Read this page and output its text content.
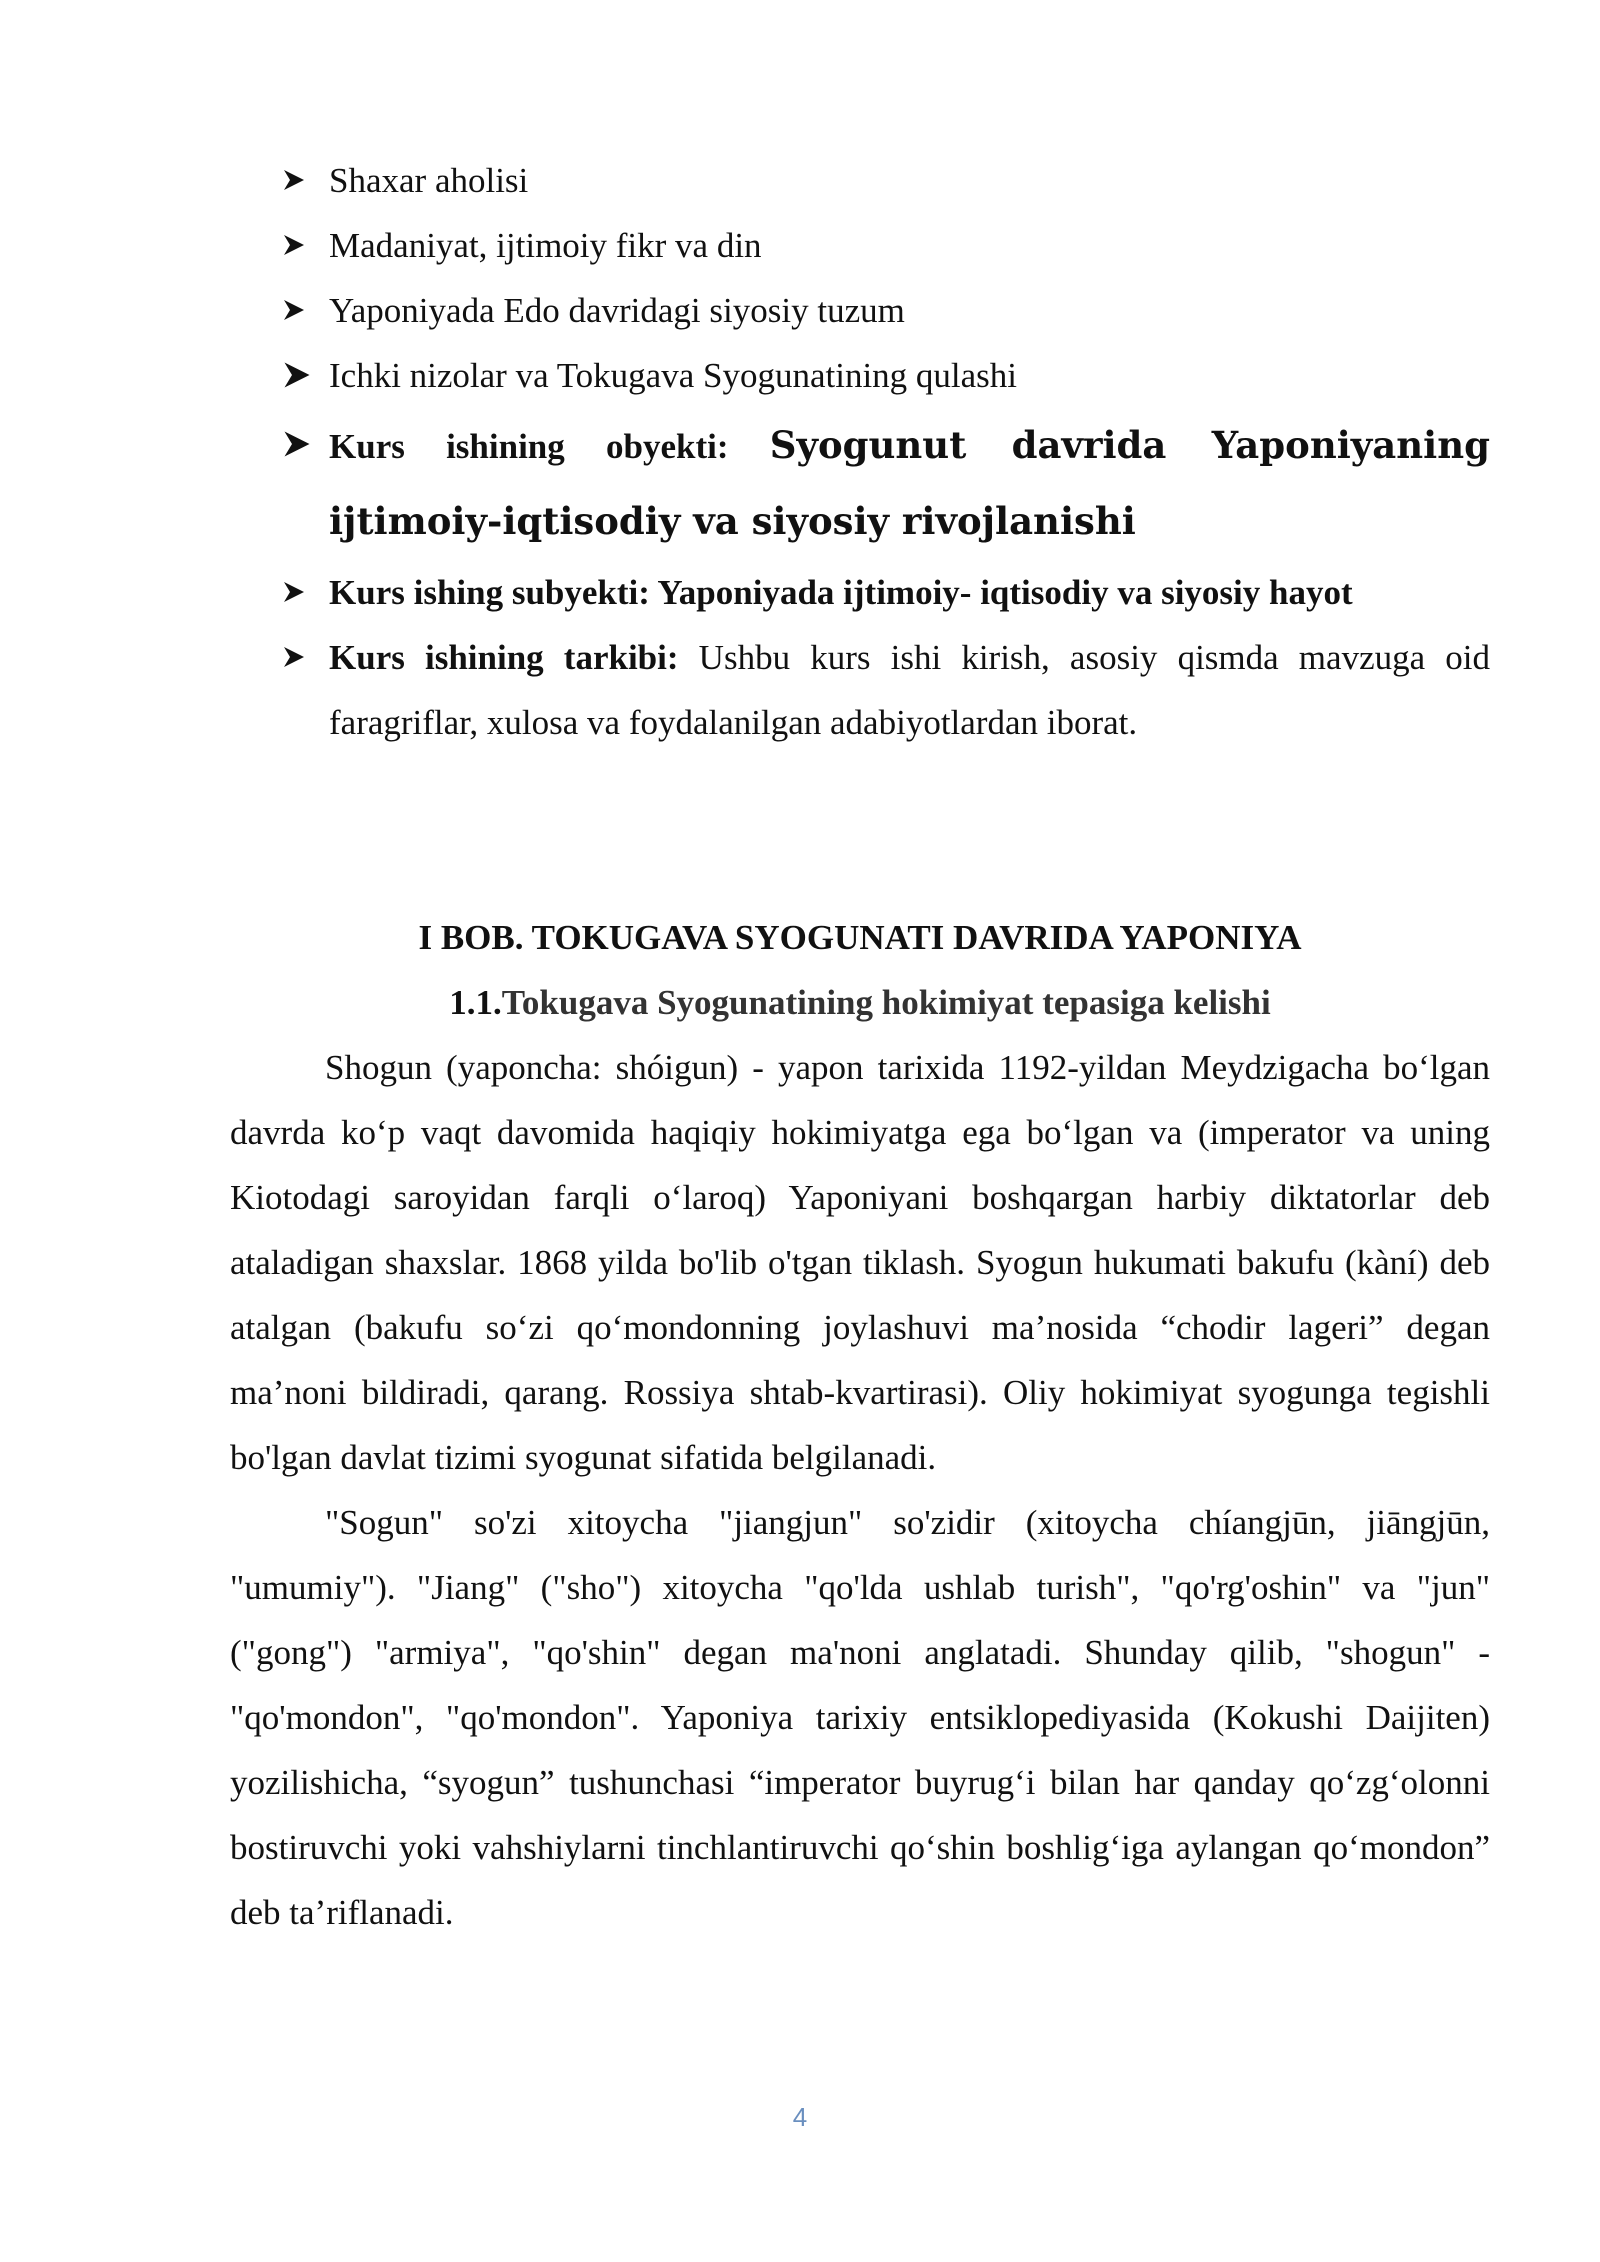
Shaxar aholisi
Madaniyat, ijtimoiy fikr va din
Yaponiyada Edo davridagi siyosiy tuzum
Ichki nizolar va Tokugava Syogunatining qulashi
Kurs ishining obyekti: Syogunut davrida Yaponiyaning ijtimoiy-iqtisodiy va siyosiy rivojlanishi
Kurs ishing subyekti: Yaponiyada ijtimoiy- iqtisodiy va siyosiy hayot
Kurs ishining tarkibi: Ushbu kurs ishi kirish, asosiy qismda mavzuga oid faragriflar, xulosa va foydalanilgan adabiyotlardan iborat.
I BOB. TOKUGAVA SYOGUNATI DAVRIDA YAPONIYA
1.1.Tokugava Syogunatining hokimiyat tepasiga kelishi

Shogun (yaponcha: shóigun) - yapon tarixida 1192-yildan Meydzigacha boʻlgan davrda koʻp vaqt davomida haqiqiy hokimiyatga ega boʻlgan va (imperator va uning Kiotodagi saroyidan farqli oʻlaroq) Yaponiyani boshqargan harbiy diktatorlar deb ataladigan shaxslar. 1868 yilda bo'lib o'tgan tiklash. Syogun hukumati bakufu (kàní) deb atalgan (bakufu soʻzi qoʻmondonning joylashuvi ma’nosida “chodir lageri” degan ma’noni bildiradi, qarang. Rossiya shtab-kvartirasi). Oliy hokimiyat syogunga tegishli bo'lgan davlat tizimi syogunat sifatida belgilanadi.

"Sogun" so'zi xitoycha "jiangjun" so'zidir (xitoycha chíangjūn, jiāngjūn, "umumiy"). "Jiang" ("sho") xitoycha "qo'lda ushlab turish", "qo'rg'oshin" va "jun" ("gong") "armiya", "qo'shin" degan ma'noni anglatadi. Shunday qilib, "shogun" - "qo'mondon", "qo'mondon". Yaponiya tarixiy entsiklopediyasida (Kokushi Daijiten) yozilishicha, “syogun” tushunchasi “imperator buyrugʻi bilan har qanday qoʻzgʻolonni bostiruvchi yoki vahshiylarni tinchlantiruvchi qoʻshin boshligʻiga aylangan qoʻmondon” deb taʼriflanadi.

4
